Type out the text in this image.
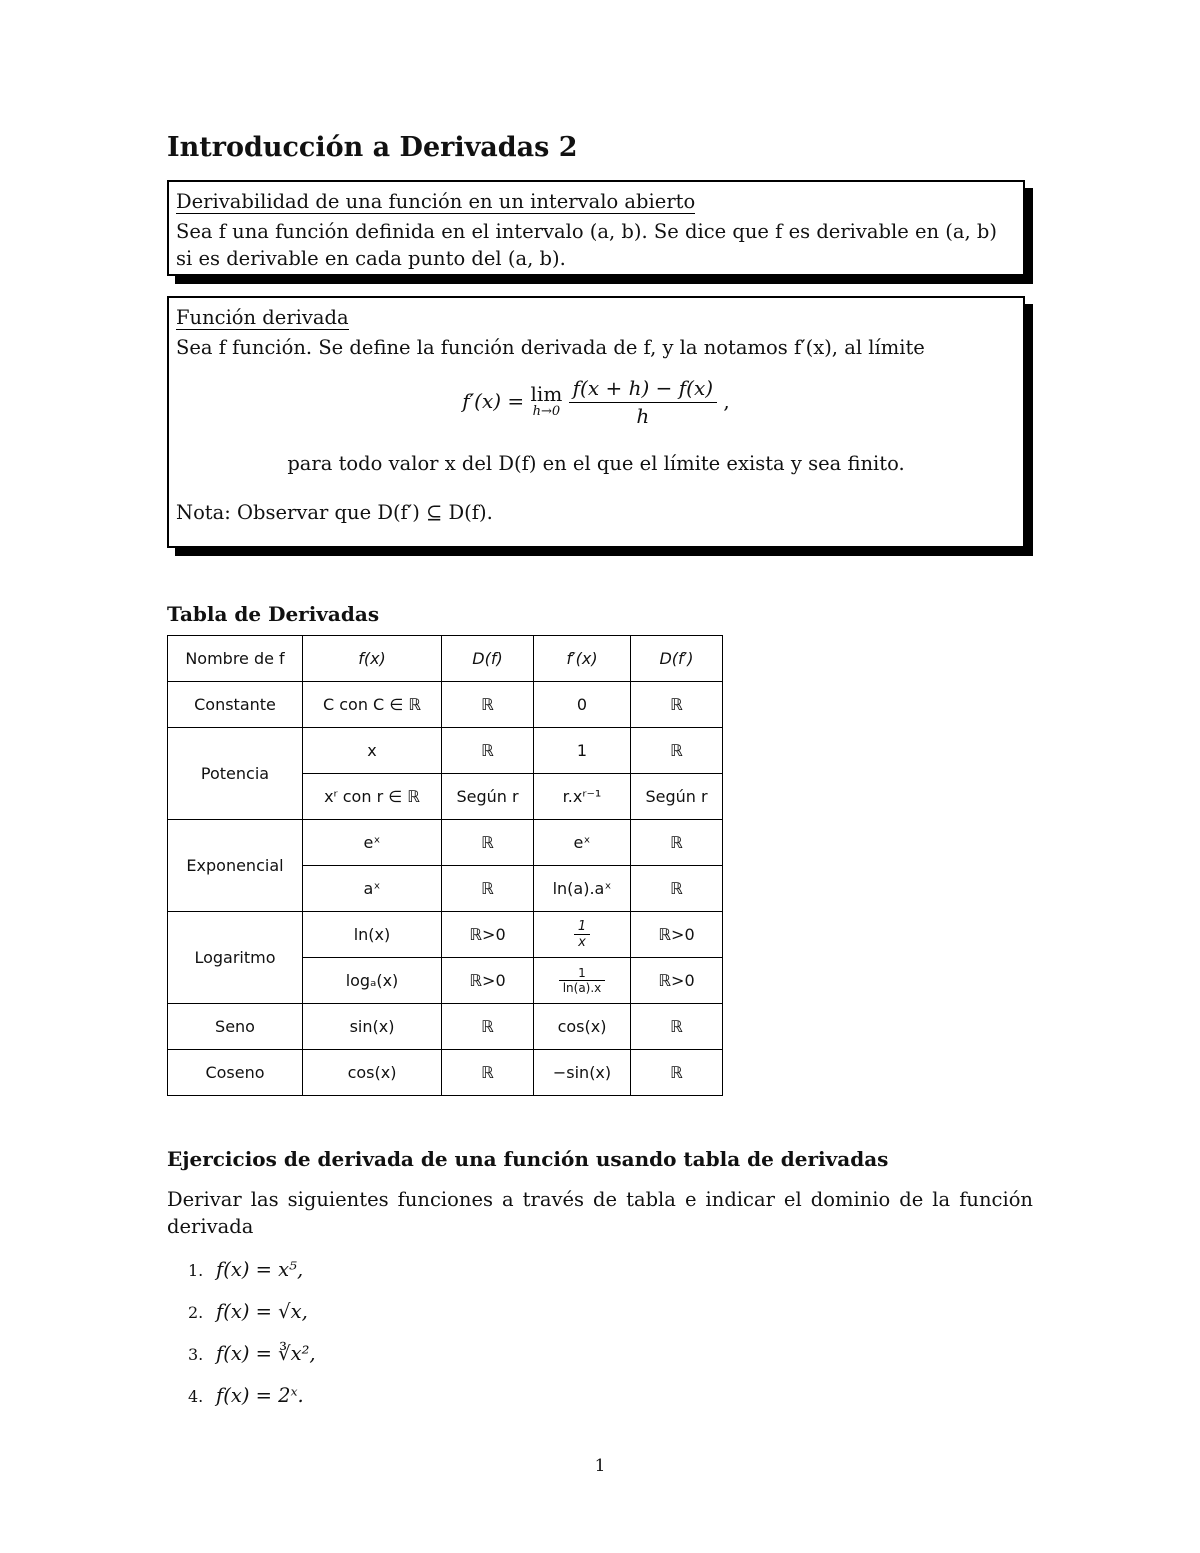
Introducción a Derivadas 2
Derivabilidad de una función en un intervalo abierto
Sea f una función definida en el intervalo (a, b). Se dice que f es derivable en (a, b)
si es derivable en cada punto del (a, b).
Función derivada
Sea f función. Se define la función derivada de f, y la notamos f′(x), al límite
f′(x) = lim
h→0
$\frac{f(x + h) - f(x)}{h}$ ,
para todo valor x del D(f) en el que el límite exista y sea finito.
Nota: Observar que D(f′) ⊆ D(f).
Tabla de Derivadas
Nombre de f	f(x)	D(f)	f′(x)	D(f′)
Constante	C con C ∈ ℝ	ℝ	0	ℝ
Potencia	x	ℝ	1	ℝ
	xʳ con r ∈ ℝ	Según r	r.xʳ⁻¹	Según r
Exponencial	eˣ	ℝ	eˣ	ℝ
	aˣ	ℝ	ln(a).aˣ	ℝ
Logaritmo	ln(x)	ℝ>0	$\frac{1}{x}$	ℝ>0
	logₐ(x)	ℝ>0	$\frac{1}{\ln(a).x}$	ℝ>0
Seno	sin(x)	ℝ	cos(x)	ℝ
Coseno	cos(x)	ℝ	−sin(x)	ℝ
Ejercicios de derivada de una función usando tabla de derivadas
Derivar las siguientes funciones a través de tabla e indicar el dominio de la función derivada
1. f(x) = x⁵,
2. f(x) = √x,
3. f(x) = ∛x²,
4. f(x) = 2ˣ.
1
